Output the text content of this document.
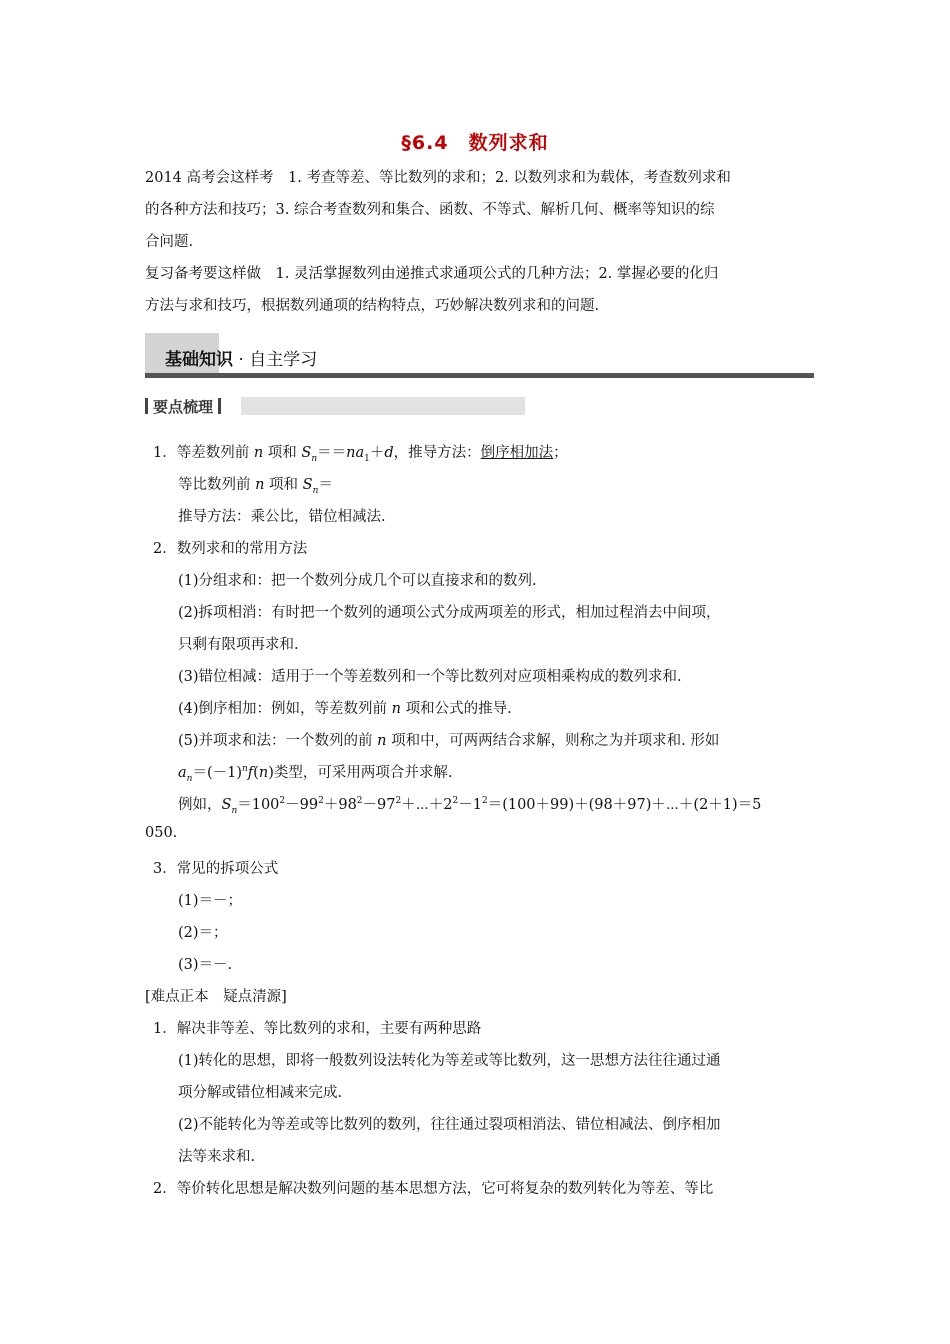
§6.4　数列求和

2014 高考会这样考　1. 考查等差、等比数列的求和；2. 以数列求和为载体，考查数列求和

的各种方法和技巧；3. 综合考查数列和集合、函数、不等式、解析几何、概率等知识的综

合问题.

复习备考要这样做　1. 灵活掌握数列由递推式求通项公式的几种方法；2. 掌握必要的化归

方法与求和技巧，根据数列通项的结构特点，巧妙解决数列求和的问题.

基础知识 · 自主学习
要点梳理
1．等差数列前 n 项和 $S_n==na_1+d$，推导方法：倒序相加法；
等比数列前 n 项和 $S_n=$
推导方法：乘公比，错位相减法.
2．数列求和的常用方法
(1)分组求和：把一个数列分成几个可以直接求和的数列.
(2)拆项相消：有时把一个数列的通项公式分成两项差的形式，相加过程消去中间项，
只剩有限项再求和.
(3)错位相减：适用于一个等差数列和一个等比数列对应项相乘构成的数列求和.
(4)倒序相加：例如，等差数列前 n 项和公式的推导.
(5)并项求和法：一个数列的前 n 项和中，可两两结合求解，则称之为并项求和. 形如
$a_n=(-1)^nf(n)$类型，可采用两项合并求解.
例如，$S_n=100^2-99^2+98^2-97^2+\cdots+2^2-1^2=(100+99)+(98+97)+\cdots+(2+1)=5$
050.
3．常见的拆项公式
(1)＝－；
(2)＝；
(3)＝－.
[难点正本　疑点清源]
1．解决非等差、等比数列的求和，主要有两种思路
(1)转化的思想，即将一般数列设法转化为等差或等比数列，这一思想方法往往通过通
项分解或错位相减来完成.
(2)不能转化为等差或等比数列的数列，往往通过裂项相消法、错位相减法、倒序相加
法等来求和.
2．等价转化思想是解决数列问题的基本思想方法，它可将复杂的数列转化为等差、等比
